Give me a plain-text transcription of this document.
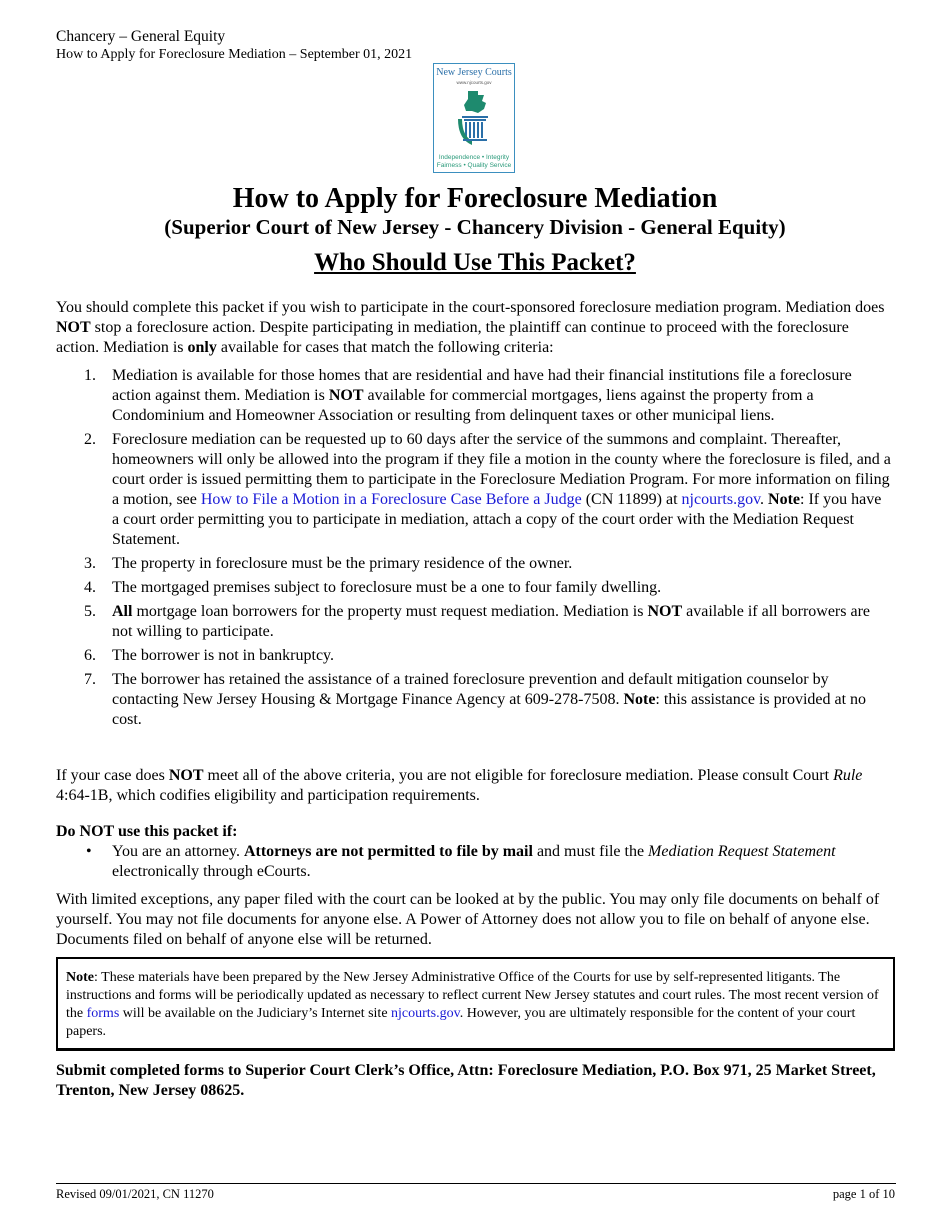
Chancery – General Equity
How to Apply for Foreclosure Mediation – September 01, 2021
New Jersey Courts
www.njcourts.gov
Independence • Integrity
Fairness • Quality Service
How to Apply for Foreclosure Mediation
(Superior Court of New Jersey - Chancery Division - General Equity)
Who Should Use This Packet?

You should complete this packet if you wish to participate in the court-sponsored foreclosure mediation program. Mediation does NOT stop a foreclosure action. Despite participating in mediation, the plaintiff can continue to proceed with the foreclosure action. Mediation is only available for cases that match the following criteria:

1. Mediation is available for those homes that are residential and have had their financial institutions file a foreclosure action against them. Mediation is NOT available for commercial mortgages, liens against the property from a Condominium and Homeowner Association or resulting from delinquent taxes or other municipal liens.
2. Foreclosure mediation can be requested up to 60 days after the service of the summons and complaint. Thereafter, homeowners will only be allowed into the program if they file a motion in the county where the foreclosure is filed, and a court order is issued permitting them to participate in the Foreclosure Mediation Program. For more information on filing a motion, see How to File a Motion in a Foreclosure Case Before a Judge (CN 11899) at njcourts.gov. Note: If you have a court order permitting you to participate in mediation, attach a copy of the court order with the Mediation Request Statement.
3. The property in foreclosure must be the primary residence of the owner.
4. The mortgaged premises subject to foreclosure must be a one to four family dwelling.
5. All mortgage loan borrowers for the property must request mediation. Mediation is NOT available if all borrowers are not willing to participate.
6. The borrower is not in bankruptcy.
7. The borrower has retained the assistance of a trained foreclosure prevention and default mitigation counselor by contacting New Jersey Housing & Mortgage Finance Agency at 609-278-7508. Note: this assistance is provided at no cost.

If your case does NOT meet all of the above criteria, you are not eligible for foreclosure mediation. Please consult Court Rule 4:64-1B, which codifies eligibility and participation requirements.

Do NOT use this packet if:

• You are an attorney. Attorneys are not permitted to file by mail and must file the Mediation Request Statement electronically through eCourts.

With limited exceptions, any paper filed with the court can be looked at by the public. You may only file documents on behalf of yourself. You may not file documents for anyone else. A Power of Attorney does not allow you to file on behalf of anyone else. Documents filed on behalf of anyone else will be returned.

Note: These materials have been prepared by the New Jersey Administrative Office of the Courts for use by self-represented litigants. The instructions and forms will be periodically updated as necessary to reflect current New Jersey statutes and court rules. The most recent version of the forms will be available on the Judiciary’s Internet site njcourts.gov. However, you are ultimately responsible for the content of your court papers.
Submit completed forms to Superior Court Clerk’s Office, Attn: Foreclosure Mediation, P.O. Box 971, 25 Market Street, Trenton, New Jersey 08625.
Revised 09/01/2021, CN 11270	page 1 of 10
